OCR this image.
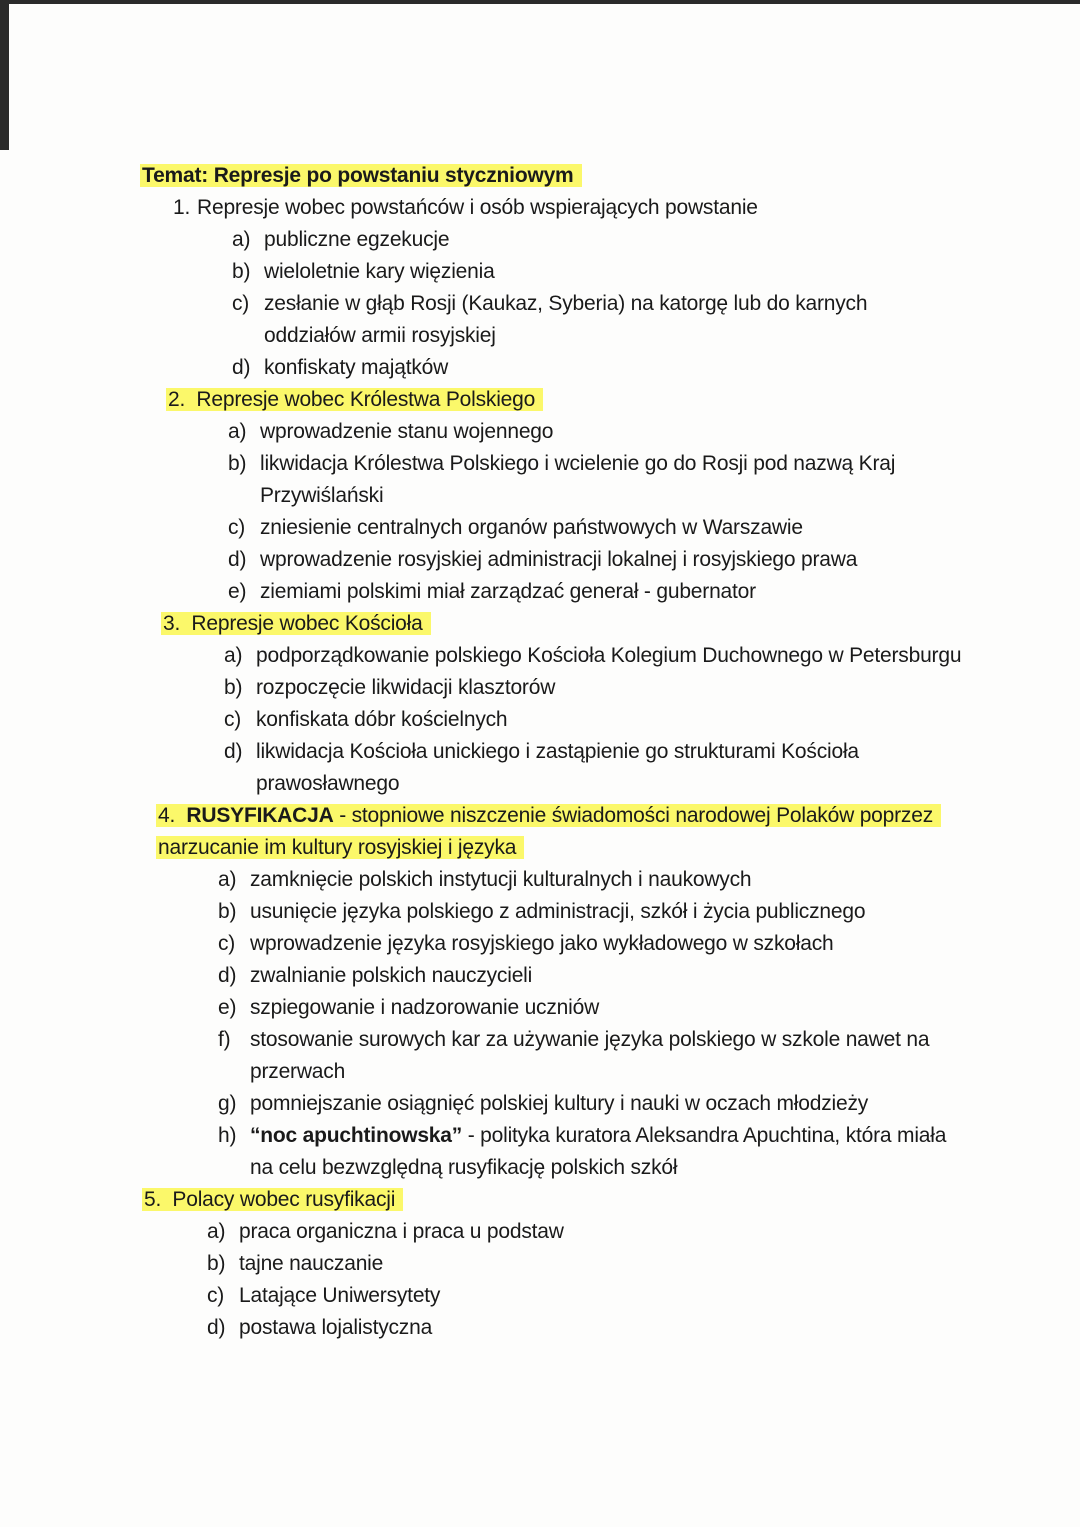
Temat: Represje po powstaniu styczniowym
1. Represje wobec powstańców i osób wspierających powstanie
a) publiczne egzekucje
b) wieloletnie kary więzienia
c) zesłanie w głąb Rosji (Kaukaz, Syberia) na katorgę lub do karnych oddziałów armii rosyjskiej
d) konfiskaty majątków
2. Represje wobec Królestwa Polskiego
a) wprowadzenie stanu wojennego
b) likwidacja Królestwa Polskiego i wcielenie go do Rosji pod nazwą Kraj Przywiślański
c) zniesienie centralnych organów państwowych w Warszawie
d) wprowadzenie rosyjskiej administracji lokalnej i rosyjskiego prawa
e) ziemiami polskimi miał zarządzać generał - gubernator
3. Represje wobec Kościoła
a) podporządkowanie polskiego Kościoła Kolegium Duchownego w Petersburgu
b) rozpoczęcie likwidacji klasztorów
c) konfiskata dóbr kościelnych
d) likwidacja Kościoła unickiego i zastąpienie go strukturami Kościoła prawosławnego
4. RUSYFIKACJA - stopniowe niszczenie świadomości narodowej Polaków poprzez narzucanie im kultury rosyjskiej i języka
a) zamknięcie polskich instytucji kulturalnych i naukowych
b) usunięcie języka polskiego z administracji, szkół i życia publicznego
c) wprowadzenie języka rosyjskiego jako wykładowego w szkołach
d) zwalnianie polskich nauczycieli
e) szpiegowanie i nadzorowanie uczniów
f) stosowanie surowych kar za używanie języka polskiego w szkole nawet na przerwach
g) pomniejszanie osiągnięć polskiej kultury i nauki w oczach młodzieży
h) “noc apuchtinowska” - polityka kuratora Aleksandra Apuchtina, która miała na celu bezwzględną rusyfikację polskich szkół
5. Polacy wobec rusyfikacji
a) praca organiczna i praca u podstaw
b) tajne nauczanie
c) Latające Uniwersytety
d) postawa lojalistyczna
